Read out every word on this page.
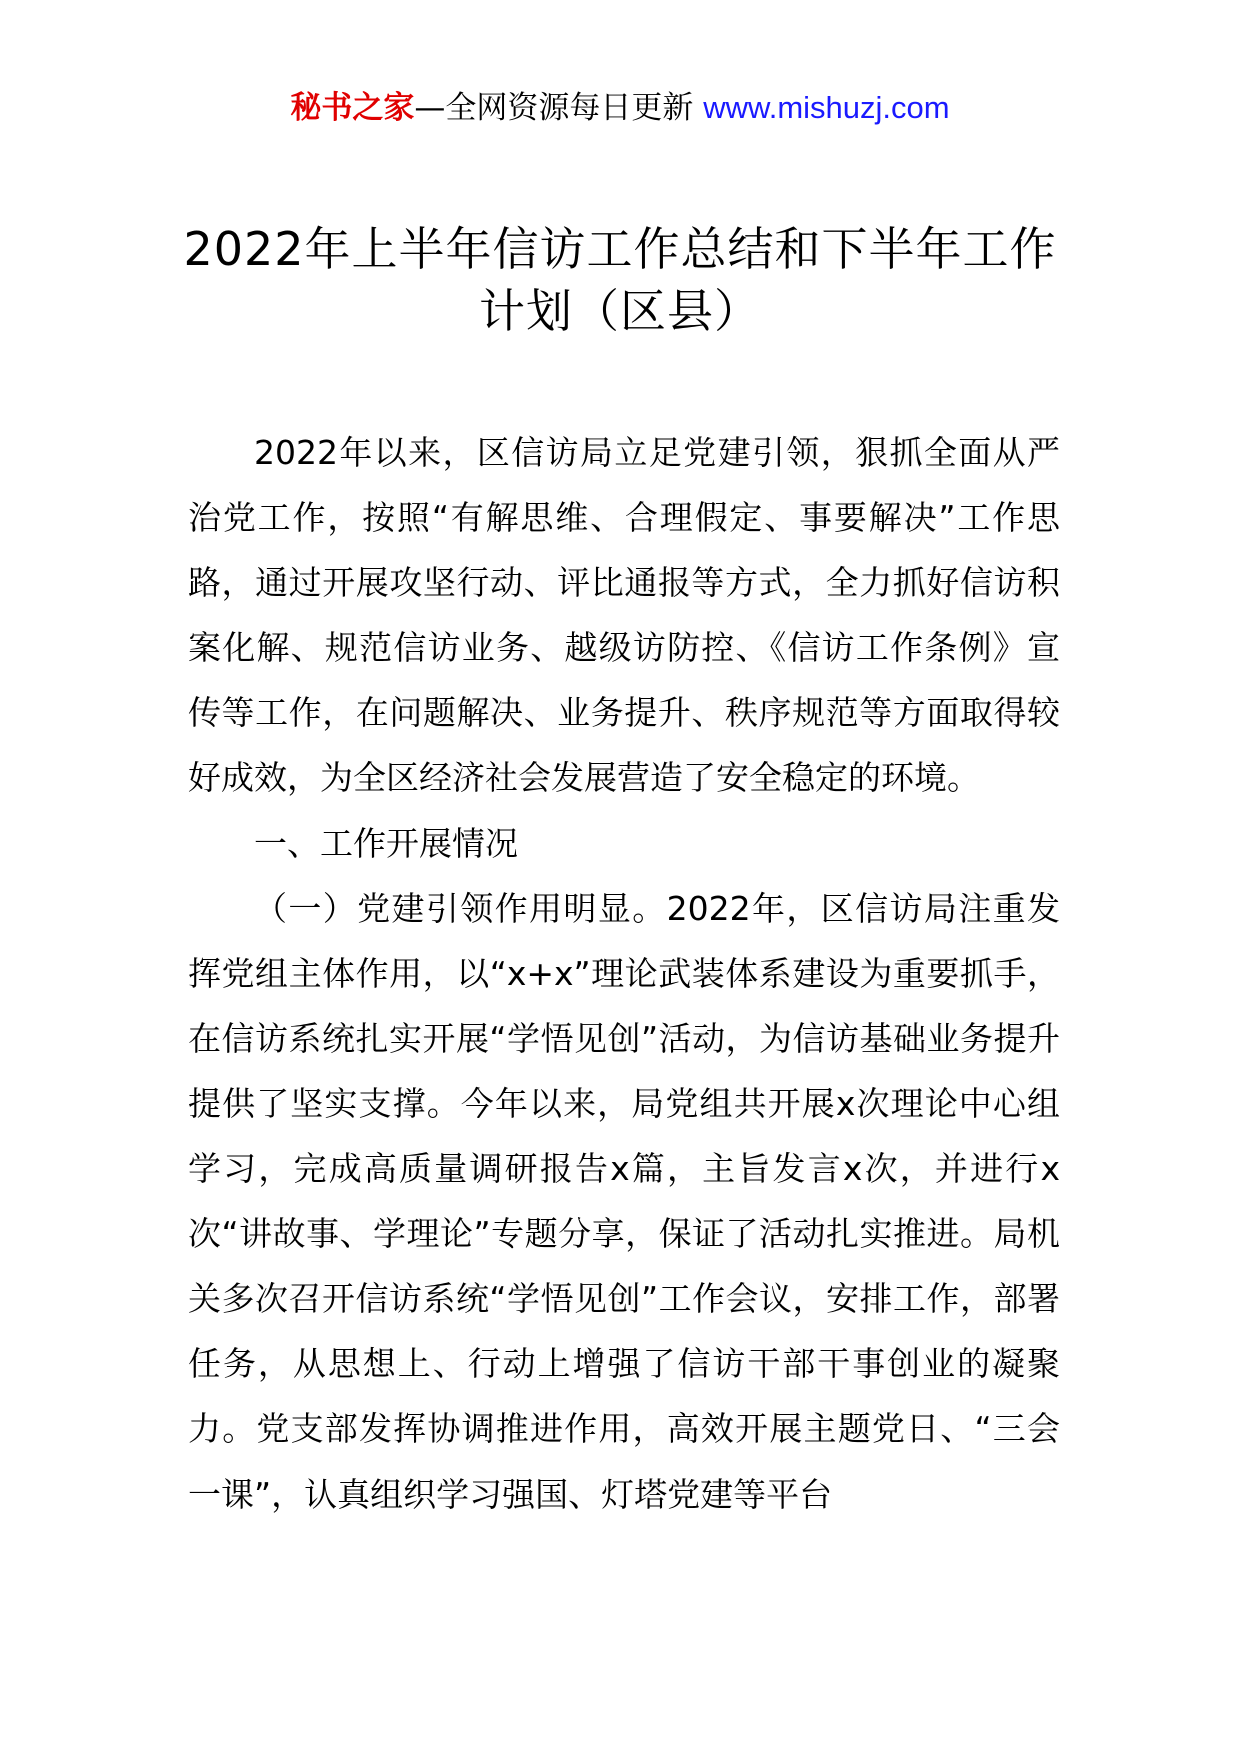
秘书之家—全网资源每日更新 www.mishuzj.com
2022年上半年信访工作总结和下半年工作
计划（区县）

2022年以来，区信访局立足党建引领，狠抓全面从严治党工作，按照“有解思维、合理假定、事要解决”工作思路，通过开展攻坚行动、评比通报等方式，全力抓好信访积案化解、规范信访业务、越级访防控、《信访工作条例》宣传等工作，在问题解决、业务提升、秩序规范等方面取得较好成效，为全区经济社会发展营造了安全稳定的环境。

一、工作开展情况

（一）党建引领作用明显。2022年，区信访局注重发挥党组主体作用，以“x+x”理论武装体系建设为重要抓手，在信访系统扎实开展“学悟见创”活动，为信访基础业务提升提供了坚实支撑。今年以来，局党组共开展x次理论中心组学习，完成高质量调研报告x篇，主旨发言x次，并进行x次“讲故事、学理论”专题分享，保证了活动扎实推进。局机关多次召开信访系统“学悟见创”工作会议，安排工作，部署任务，从思想上、行动上增强了信访干部干事创业的凝聚力。党支部发挥协调推进作用，高效开展主题党日、“三会一课”，认真组织学习强国、灯塔党建等平台
